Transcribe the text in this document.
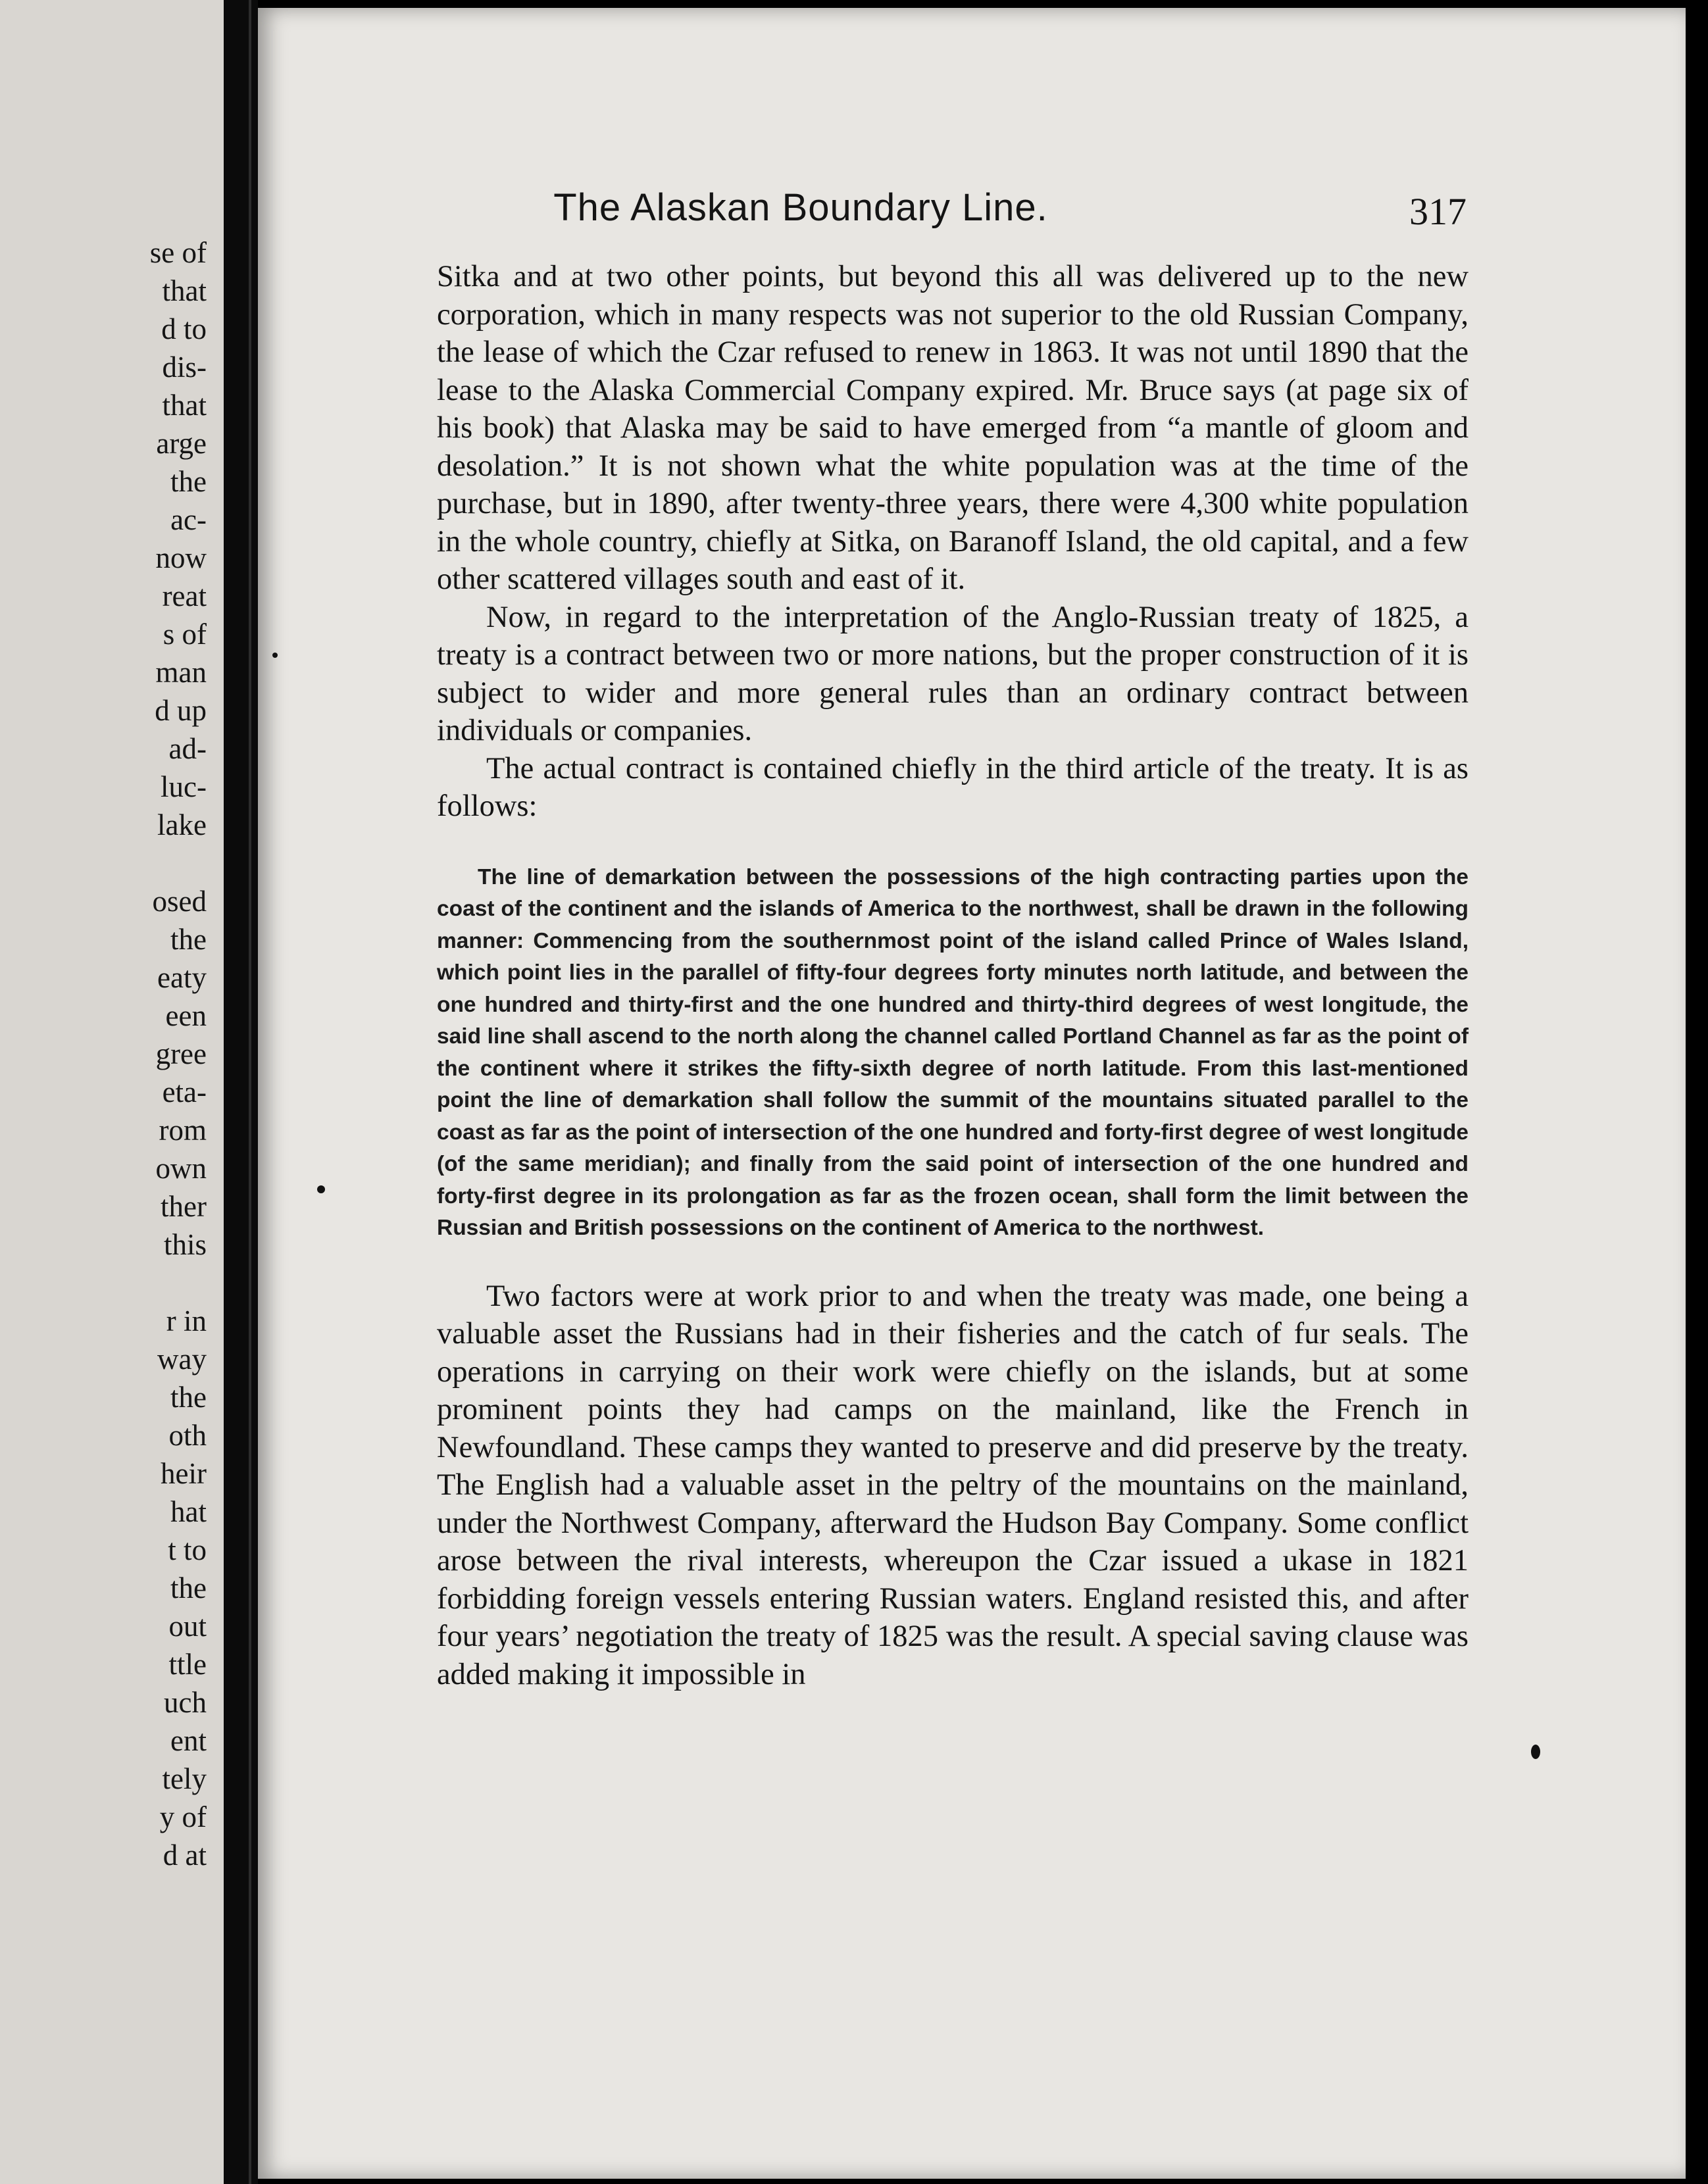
se of
that
d to
dis-
that
arge
the
ac-
now
reat
s of
man
d up
ad-
luc-
lake

osed
the
eaty
een
gree
eta-
rom
own
ther
this

r in
way
the
oth
heir
hat
t to
the
out
ttle
uch
ent
tely
y of
d at
The Alaskan Boundary Line.	317

Sitka and at two other points, but beyond this all was delivered up to the new corporation, which in many respects was not superior to the old Russian Company, the lease of which the Czar refused to renew in 1863. It was not until 1890 that the lease to the Alaska Commercial Company expired. Mr. Bruce says (at page six of his book) that Alaska may be said to have emerged from “a mantle of gloom and desolation.” It is not shown what the white population was at the time of the purchase, but in 1890, after twenty-three years, there were 4,300 white population in the whole country, chiefly at Sitka, on Baranoff Island, the old capital, and a few other scattered villages south and east of it.

Now, in regard to the interpretation of the Anglo-Russian treaty of 1825, a treaty is a contract between two or more nations, but the proper construction of it is subject to wider and more general rules than an ordinary contract between individuals or companies.

The actual contract is contained chiefly in the third article of the treaty. It is as follows:

The line of demarkation between the possessions of the high contracting parties upon the coast of the continent and the islands of America to the northwest, shall be drawn in the following manner: Commencing from the southernmost point of the island called Prince of Wales Island, which point lies in the parallel of fifty-four degrees forty minutes north latitude, and between the one hundred and thirty-first and the one hundred and thirty-third degrees of west longitude, the said line shall ascend to the north along the channel called Portland Channel as far as the point of the continent where it strikes the fifty-sixth degree of north latitude. From this last-mentioned point the line of demarkation shall follow the summit of the mountains situated parallel to the coast as far as the point of intersection of the one hundred and forty-first degree of west longitude (of the same meridian); and finally from the said point of intersection of the one hundred and forty-first degree in its prolongation as far as the frozen ocean, shall form the limit between the Russian and British possessions on the continent of America to the northwest.

Two factors were at work prior to and when the treaty was made, one being a valuable asset the Russians had in their fisheries and the catch of fur seals. The operations in carrying on their work were chiefly on the islands, but at some prominent points they had camps on the mainland, like the French in Newfoundland. These camps they wanted to preserve and did preserve by the treaty. The English had a valuable asset in the peltry of the mountains on the mainland, under the Northwest Company, afterward the Hudson Bay Company. Some conflict arose between the rival interests, whereupon the Czar issued a ukase in 1821 forbidding foreign vessels entering Russian waters. England resisted this, and after four years’ negotiation the treaty of 1825 was the result. A special saving clause was added making it impossible in
